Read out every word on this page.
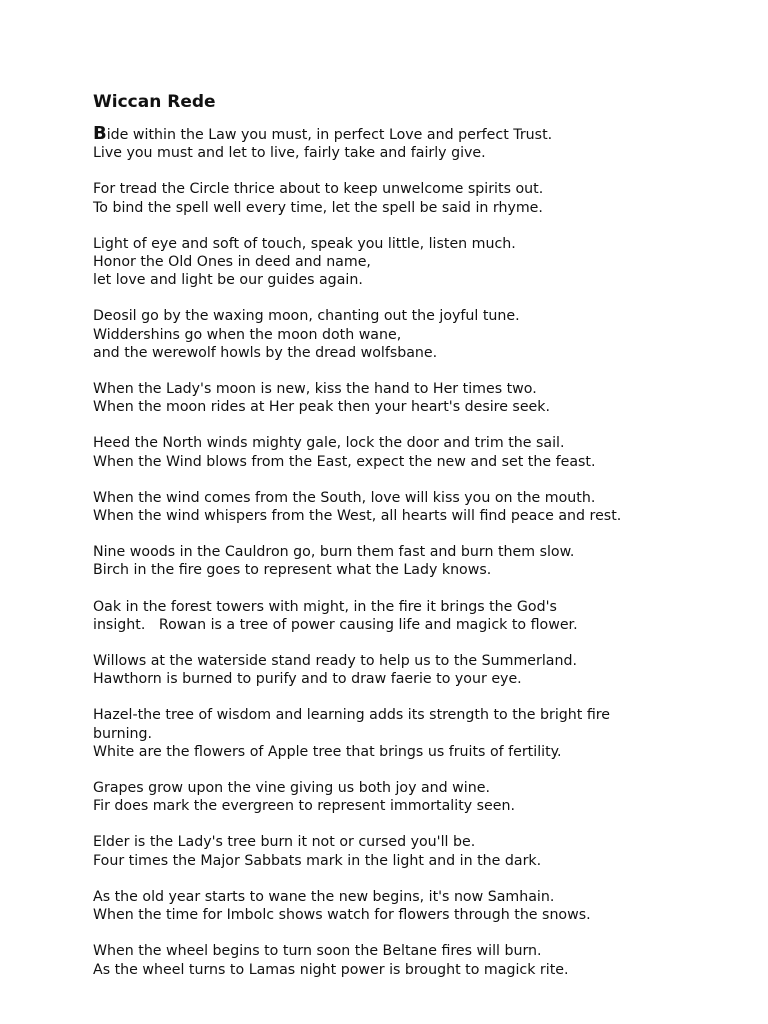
Wiccan Rede
Bide within the Law you must, in perfect Love and perfect Trust.
Live you must and let to live, fairly take and fairly give.
For tread the Circle thrice about to keep unwelcome spirits out.
To bind the spell well every time, let the spell be said in rhyme.
Light of eye and soft of touch, speak you little, listen much.
Honor the Old Ones in deed and name,
let love and light be our guides again.
Deosil go by the waxing moon, chanting out the joyful tune.
Widdershins go when the moon doth wane,
and the werewolf howls by the dread wolfsbane.
When the Lady's moon is new, kiss the hand to Her times two.
When the moon rides at Her peak then your heart's desire seek.
Heed the North winds mighty gale, lock the door and trim the sail.
When the Wind blows from the East, expect the new and set the feast.
When the wind comes from the South, love will kiss you on the mouth.
When the wind whispers from the West, all hearts will find peace and rest.
Nine woods in the Cauldron go, burn them fast and burn them slow.
Birch in the fire goes to represent what the Lady knows.
Oak in the forest towers with might, in the fire it brings the God's
insight.   Rowan is a tree of power causing life and magick to flower.
Willows at the waterside stand ready to help us to the Summerland.
Hawthorn is burned to purify and to draw faerie to your eye.
Hazel-the tree of wisdom and learning adds its strength to the bright fire
burning.
White are the flowers of Apple tree that brings us fruits of fertility.
Grapes grow upon the vine giving us both joy and wine.
Fir does mark the evergreen to represent immortality seen.
Elder is the Lady's tree burn it not or cursed you'll be.
Four times the Major Sabbats mark in the light and in the dark.
As the old year starts to wane the new begins, it's now Samhain.
When the time for Imbolc shows watch for flowers through the snows.
When the wheel begins to turn soon the Beltane fires will burn.
As the wheel turns to Lamas night power is brought to magick rite.
